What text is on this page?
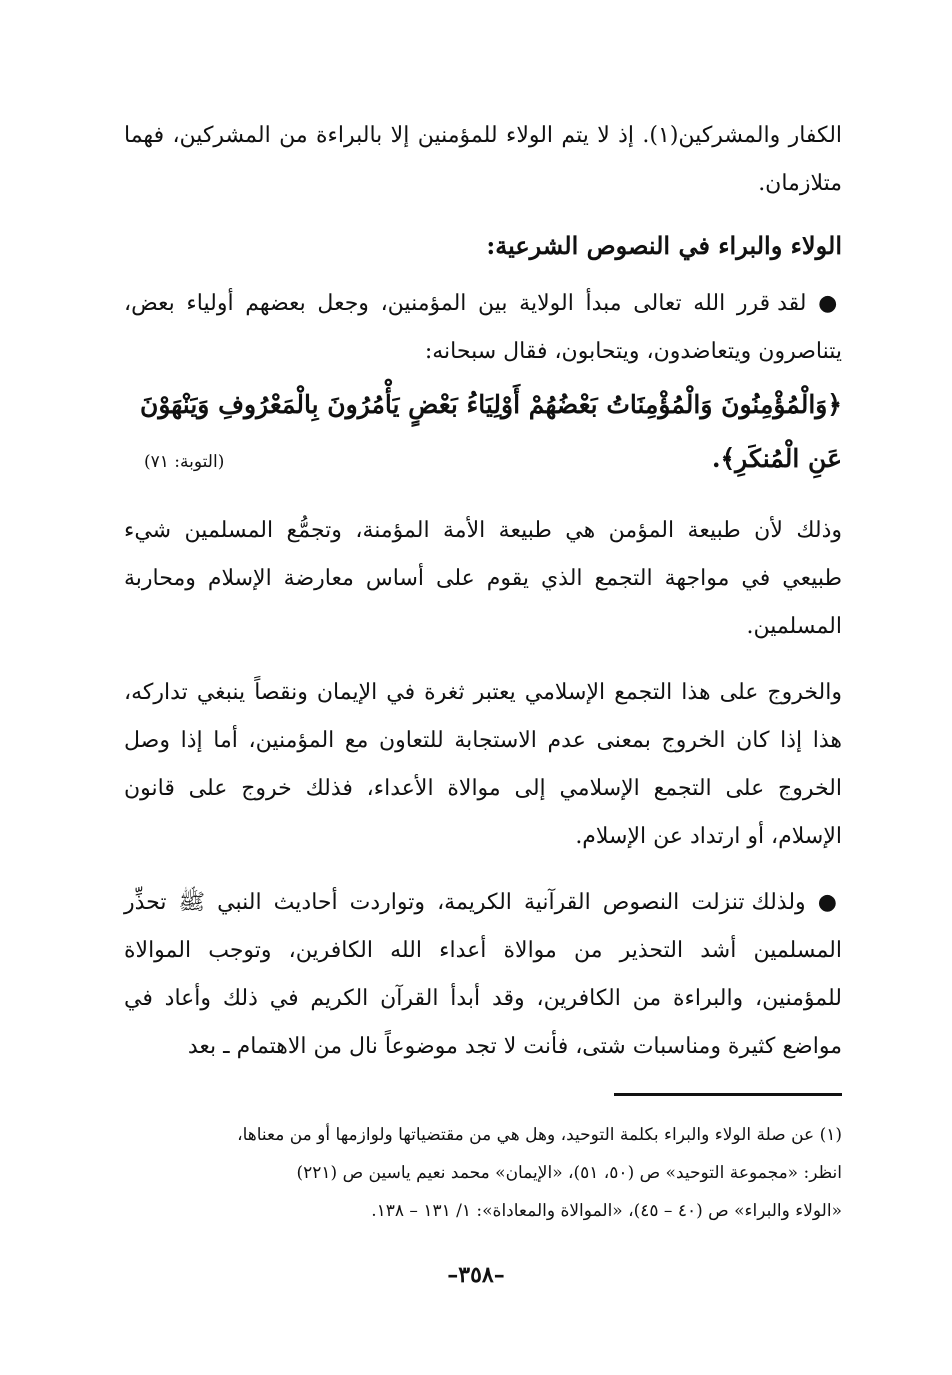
الكفار والمشركين(١). إذ لا يتم الولاء للمؤمنين إلا بالبراءة من المشركين، فهما متلازمان.

الولاء والبراء في النصوص الشرعية:

● لقد قرر الله تعالى مبدأ الولاية بين المؤمنين، وجعل بعضهم أولياء بعض، يتناصرون ويتعاضدون، ويتحابون، فقال سبحانه:

﴿وَالْمُؤْمِنُونَ وَالْمُؤْمِنَاتُ بَعْضُهُمْ أَوْلِيَاءُ بَعْضٍ يَأْمُرُونَ بِالْمَعْرُوفِ وَيَنْهَوْنَ

عَنِ الْمُنكَرِ﴾.
(التوبة: ٧١)

وذلك لأن طبيعة المؤمن هي طبيعة الأمة المؤمنة، وتجمُّع المسلمين شيء طبيعي في مواجهة التجمع الذي يقوم على أساس معارضة الإسلام ومحاربة المسلمين.

والخروج على هذا التجمع الإسلامي يعتبر ثغرة في الإيمان ونقصاً ينبغي تداركه، هذا إذا كان الخروج بمعنى عدم الاستجابة للتعاون مع المؤمنين، أما إذا وصل الخروج على التجمع الإسلامي إلى موالاة الأعداء، فذلك خروج على قانون الإسلام، أو ارتداد عن الإسلام.

● ولذلك تنزلت النصوص القرآنية الكريمة، وتواردت أحاديث النبي ﷺ تحذِّر المسلمين أشد التحذير من موالاة أعداء الله الكافرين، وتوجب الموالاة للمؤمنين، والبراءة من الكافرين، وقد أبدأ القرآن الكريم في ذلك وأعاد في مواضع كثيرة ومناسبات شتى، فأنت لا تجد موضوعاً نال من الاهتمام ـ بعد

(١) عن صلة الولاء والبراء بكلمة التوحيد، وهل هي من مقتضياتها ولوازمها أو من معناها،

انظر: «مجموعة التوحيد» ص (٥٠، ٥١)، «الإيمان» محمد نعيم ياسين ص (٢٢١)

«الولاء والبراء» ص (٤٠ – ٤٥)، «الموالاة والمعاداة»: ١/ ١٣١ – ١٣٨.

–٣٥٨–
